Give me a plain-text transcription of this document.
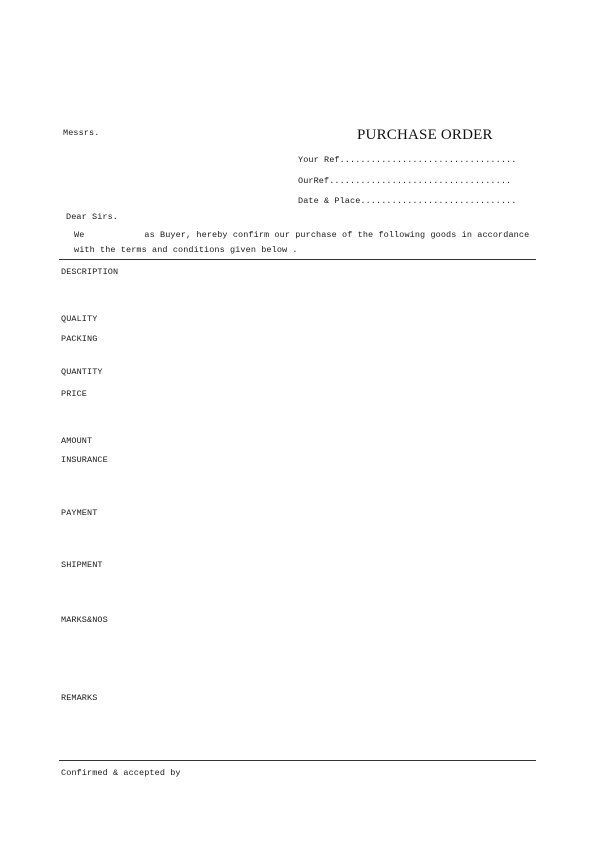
Messrs.	PURCHASE ORDER
Your Ref..................................
OurRef...................................
Date & Place..............................
Dear Sirs.
We	as Buyer, hereby confirm our purchase of the following goods in accordance
with the terms and conditions given below .
DESCRIPTION
QUALITY
PACKING
QUANTITY
PRICE
AMOUNT
INSURANCE
PAYMENT
SHIPMENT
MARKS&NOS
REMARKS
Confirmed & accepted by
